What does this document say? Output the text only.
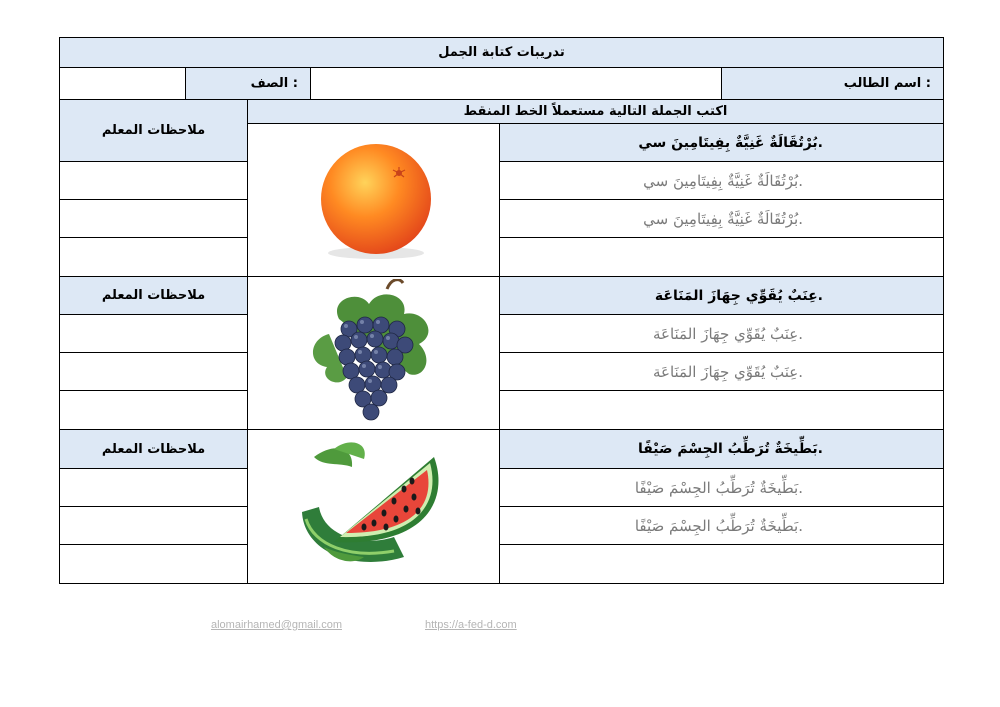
تدريبات كتابة الجمل
اسم الطالب :
الصف :
اكتب الجملة التالية مستعملاً الخط المنقط
ملاحظات المعلم
بُرْتُقَالَةٌ غَنِيَّةٌ بِفِيتَامِينَ سي.
بُرْتُقَالَةٌ غَنِيَّةٌ بِفِيتَامِينَ سي.
بُرْتُقَالَةٌ غَنِيَّةٌ بِفِيتَامِينَ سي.
ملاحظات المعلم	عِنَبٌ يُقَوِّي جِهَازَ المَنَاعَة.
عِنَبٌ يُقَوِّي جِهَازَ المَنَاعَة.
عِنَبٌ يُقَوِّي جِهَازَ المَنَاعَة.
ملاحظات المعلم	بَطِّيخَةٌ تُرَطِّبُ الجِسْمَ صَيْفًا.
بَطِّيخَةٌ تُرَطِّبُ الجِسْمَ صَيْفًا.
بَطِّيخَةٌ تُرَطِّبُ الجِسْمَ صَيْفًا.
alomairhamed@gmail.com	https://a-fed-d.com
